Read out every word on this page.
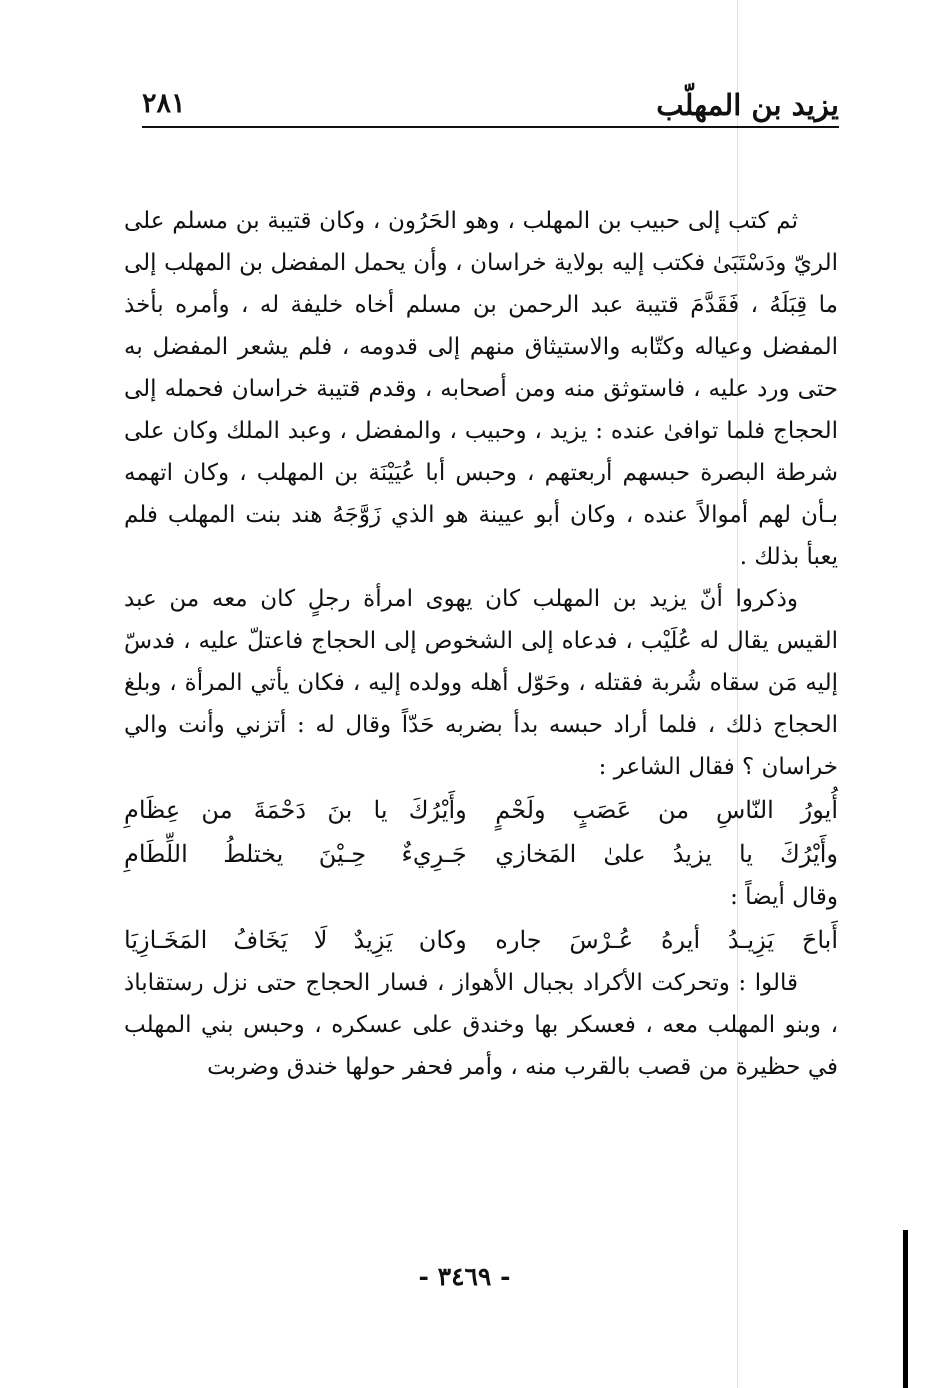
يزيد بن المهلّب
٢٨١

ثم كتب إلى حبيب بن المهلب ، وهو الحَرُون ، وكان قتيبة بن مسلم على الريّ ودَسْتَبَىٰ فكتب إليه بولاية خراسان ، وأن يحمل المفضل بن المهلب إلى ما قِبَلَهُ ، فَقَدَّمَ قتيبة عبد الرحمن بن مسلم أخاه خليفة له ، وأمره بأخذ المفضل وعياله وكتّابه والاستيثاق منهم إلى قدومه ، فلم يشعر المفضل به حتى ورد عليه ، فاستوثق منه ومن أصحابه ، وقدم قتيبة خراسان فحمله إلى الحجاج فلما توافىٰ عنده : يزيد ، وحبيب ، والمفضل ، وعبد الملك وكان على شرطة البصرة حبسهم أربعتهم ، وحبس أبا عُيَيْنَة بن المهلب ، وكان اتهمه بـأن لهم أموالاً عنده ، وكان أبو عيينة هو الذي زَوَّجَهُ هند بنت المهلب فلم يعبأ بذلك .

وذكروا أنّ يزيد بن المهلب كان يهوى امرأة رجلٍ كان معه من عبد القيس يقال له عُلَيْب ، فدعاه إلى الشخوص إلى الحجاج فاعتلّ عليه ، فدسّ إليه مَن سقاه شُربة فقتله ، وحَوّل أهله وولده إليه ، فكان يأتي المرأة ، وبلغ الحجاج ذلك ، فلما أراد حبسه بدأ بضربه حَدّاً وقال له : أتزني وأنت والي خراسان ؟ فقال الشاعر :

أُيورُ النّاسِ من عَصَبٍ ولَحْمٍ
وأَيْرُكَ يا بنَ دَحْمَةَ من عِظَامِ
وأَيْرُكَ يا يزيدُ علىٰ المَخازي
جَـرِيءٌ حِـيْنَ يختلطُ اللِّطَامِ

وقال أيضاً :

أَباحَ يَزِيـدُ أيرهُ عُـرْسَ جاره
وكان يَزِيدٌ لَا يَخَافُ المَخَـازِيَا

قالوا : وتحركت الأكراد بجبال الأهواز ، فسار الحجاج حتى نزل رستقاباذ ، وبنو المهلب معه ، فعسكر بها وخندق على عسكره ، وحبس بني المهلب في حظيرة من قصب بالقرب منه ، وأمر فحفر حولها خندق وضربت

- ٣٤٦٩ -
